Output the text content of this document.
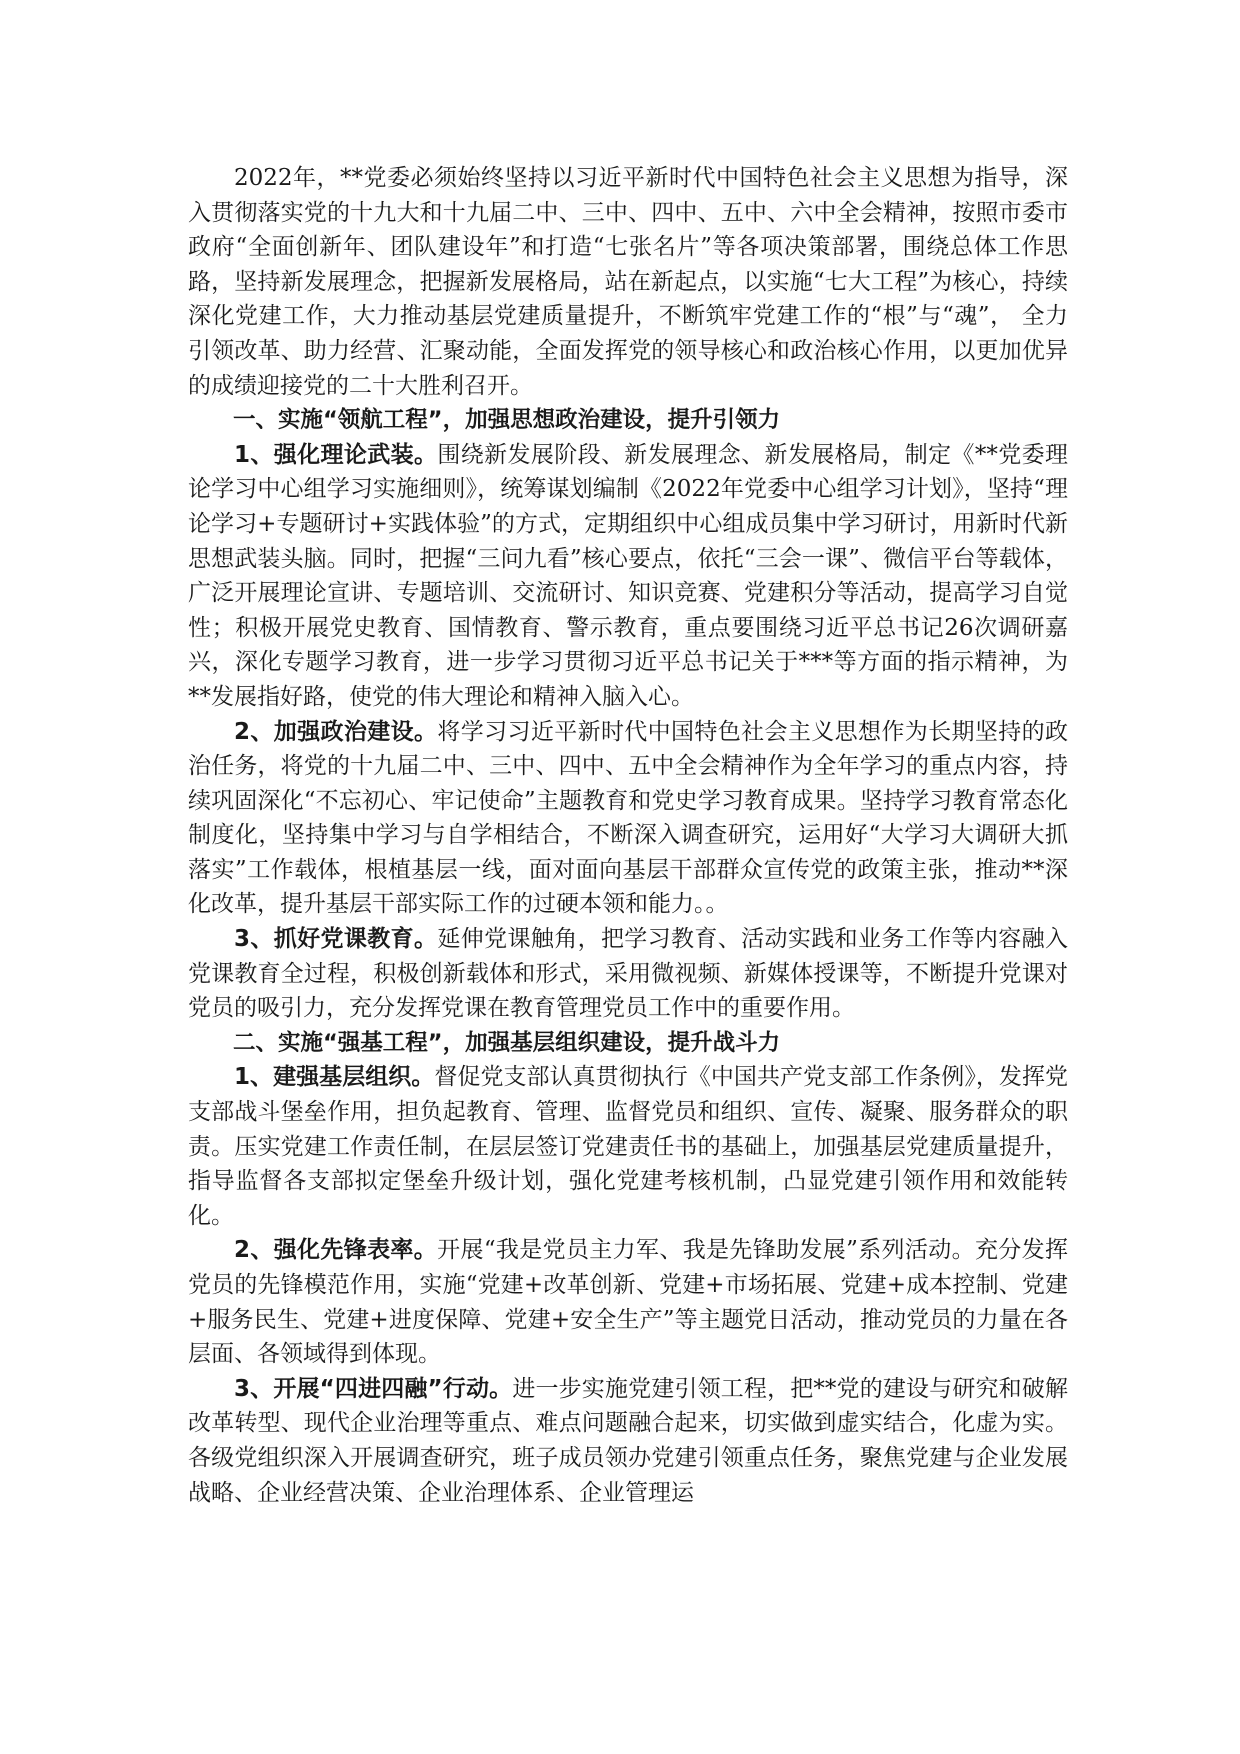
2022年，**党委必须始终坚持以习近平新时代中国特色社会主义思想为指导，深入贯彻落实党的十九大和十九届二中、三中、四中、五中、六中全会精神，按照市委市政府“全面创新年、团队建设年”和打造“七张名片”等各项决策部署，围绕总体工作思路，坚持新发展理念，把握新发展格局，站在新起点，以实施“七大工程”为核心，持续深化党建工作，大力推动基层党建质量提升，不断筑牢党建工作的“根”与“魂”， 全力引领改革、助力经营、汇聚动能，全面发挥党的领导核心和政治核心作用，以更加优异的成绩迎接党的二十大胜利召开。

一、实施“领航工程”，加强思想政治建设，提升引领力

1、强化理论武装。围绕新发展阶段、新发展理念、新发展格局，制定《**党委理论学习中心组学习实施细则》，统筹谋划编制《2022年党委中心组学习计划》，坚持“理论学习+专题研讨+实践体验”的方式，定期组织中心组成员集中学习研讨，用新时代新思想武装头脑。同时，把握“三问九看”核心要点，依托“三会一课”、微信平台等载体，广泛开展理论宣讲、专题培训、交流研讨、知识竞赛、党建积分等活动，提高学习自觉性；积极开展党史教育、国情教育、警示教育，重点要围绕习近平总书记26次调研嘉兴，深化专题学习教育，进一步学习贯彻习近平总书记关于***等方面的指示精神，为**发展指好路，使党的伟大理论和精神入脑入心。

2、加强政治建设。将学习习近平新时代中国特色社会主义思想作为长期坚持的政治任务，将党的十九届二中、三中、四中、五中全会精神作为全年学习的重点内容，持续巩固深化“不忘初心、牢记使命”主题教育和党史学习教育成果。坚持学习教育常态化制度化，坚持集中学习与自学相结合，不断深入调查研究，运用好“大学习大调研大抓落实”工作载体，根植基层一线，面对面向基层干部群众宣传党的政策主张，推动**深化改革，提升基层干部实际工作的过硬本领和能力。。

3、抓好党课教育。延伸党课触角，把学习教育、活动实践和业务工作等内容融入党课教育全过程，积极创新载体和形式，采用微视频、新媒体授课等，不断提升党课对党员的吸引力，充分发挥党课在教育管理党员工作中的重要作用。

二、实施“强基工程”，加强基层组织建设，提升战斗力

1、建强基层组织。督促党支部认真贯彻执行《中国共产党支部工作条例》，发挥党支部战斗堡垒作用，担负起教育、管理、监督党员和组织、宣传、凝聚、服务群众的职责。压实党建工作责任制，在层层签订党建责任书的基础上，加强基层党建质量提升，指导监督各支部拟定堡垒升级计划，强化党建考核机制，凸显党建引领作用和效能转化。

2、强化先锋表率。开展“我是党员主力军、我是先锋助发展”系列活动。充分发挥党员的先锋模范作用，实施“党建+改革创新、党建+市场拓展、党建+成本控制、党建+服务民生、党建+进度保障、党建+安全生产”等主题党日活动，推动党员的力量在各层面、各领域得到体现。

3、开展“四进四融”行动。进一步实施党建引领工程，把**党的建设与研究和破解改革转型、现代企业治理等重点、难点问题融合起来，切实做到虚实结合，化虚为实。各级党组织深入开展调查研究，班子成员领办党建引领重点任务，聚焦党建与企业发展战略、企业经营决策、企业治理体系、企业管理运
